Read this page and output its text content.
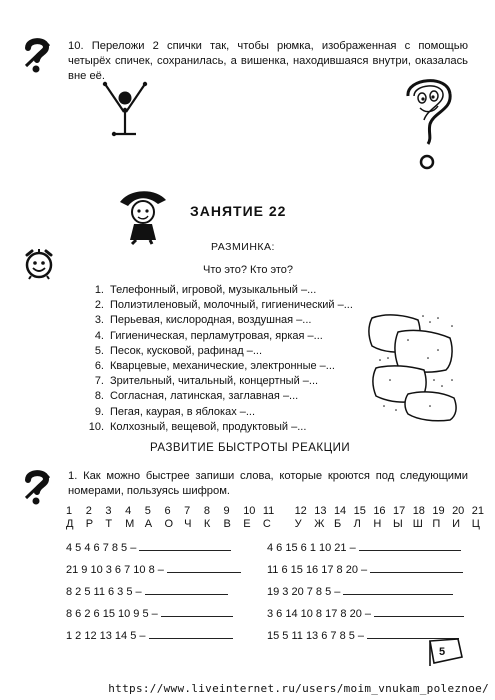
10. Переложи 2 спички так, чтобы рюмка, изображенная с помощью четырёх спичек, сохранилась, а вишенка, находившаяся внутри, оказалась вне её.
ЗАНЯТИЕ 22
РАЗМИНКА:
Что это? Кто это?
1. Телефонный, игровой, музыкальный –...
2. Полиэтиленовый, молочный, гигиенический –...
3. Перьевая, кислородная, воздушная –...
4. Гигиеническая, перламутровая, яркая –...
5. Песок, кусковой, рафинад –...
6. Кварцевые, механические, электронные –...
7. Зрительный, читальный, концертный –...
8. Согласная, латинская, заглавная –...
9. Пегая, каурая, в яблоках –...
10. Колхозный, вещевой, продуктовый –...
РАЗВИТИЕ БЫСТРОТЫ РЕАКЦИИ
1. Как можно быстрее запиши слова, которые кроются под следующими номерами, пользуясь шифром.
1	2	3	4	5	6	7	8	9	10 11	12 13 14 15 16 17 18 19 20 21
Д	Р	Т	М А	О	Ч	К	В	Е	С	У	Ж Б	Л	Н	Ы Ш П	И	Ц
4 5 4 6 7 8 5 –
21 9 10 3 6 7 10 8 –
8 2 5 11 6 3 5 –
8 6 2 6 15 10 9 5 –
1 2 12 13 14 5 –
4 6 15 6 1 10 21 –
11 6 15 16 17 8 20 –
19 3 20 7 8 5 –
3 6 14 10 8 17 8 20 –
15 5 11 13 6 7 8 5 –
5
https://www.liveinternet.ru/users/moim_vnukam_poleznoe/
